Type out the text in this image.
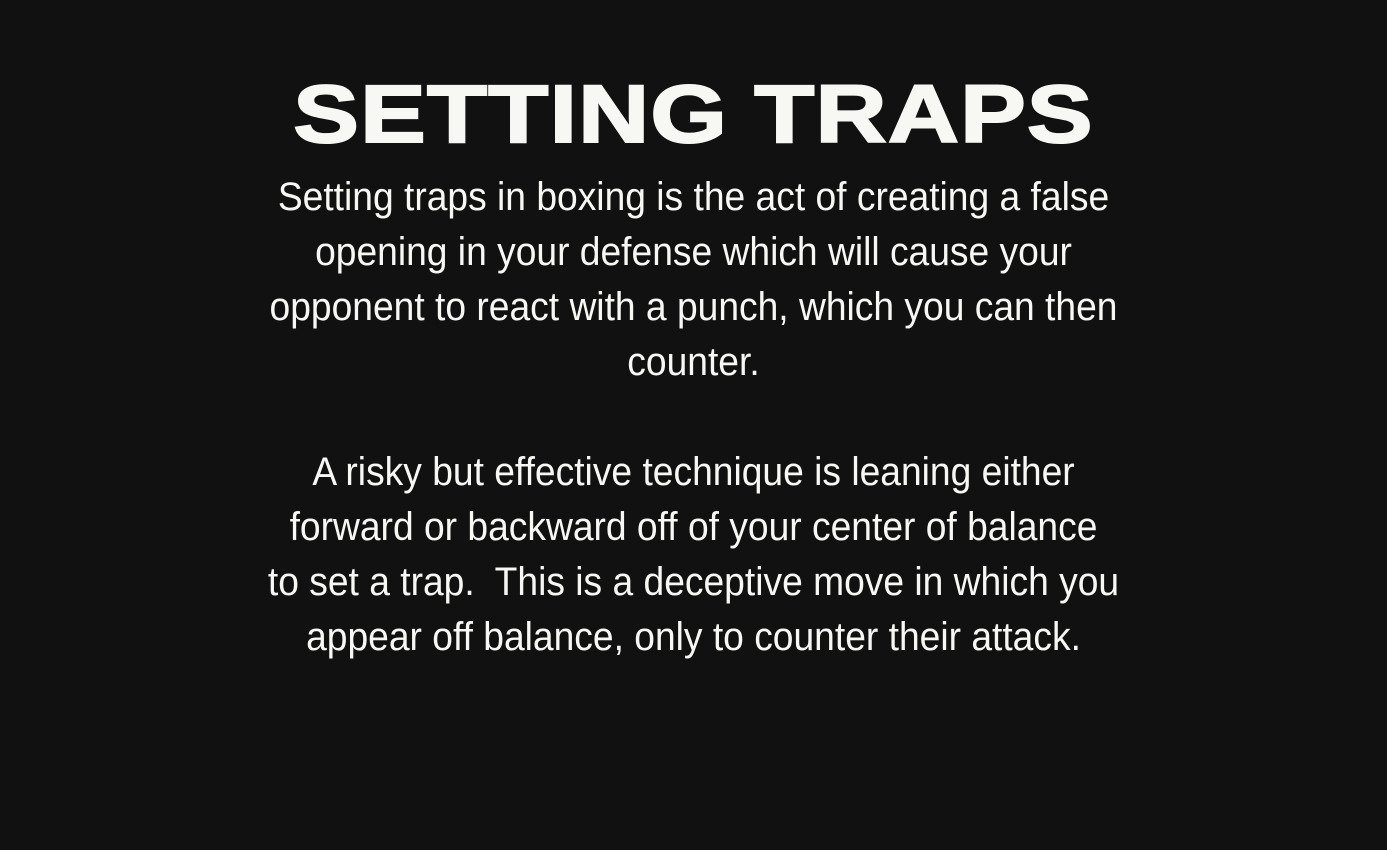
SETTING TRAPS
Setting traps in boxing is the act of creating a false
opening in your defense which will cause your
opponent to react with a punch, which you can then
counter.
A risky but effective technique is leaning either
forward or backward off of your center of balance
to set a trap.  This is a deceptive move in which you
appear off balance, only to counter their attack.
